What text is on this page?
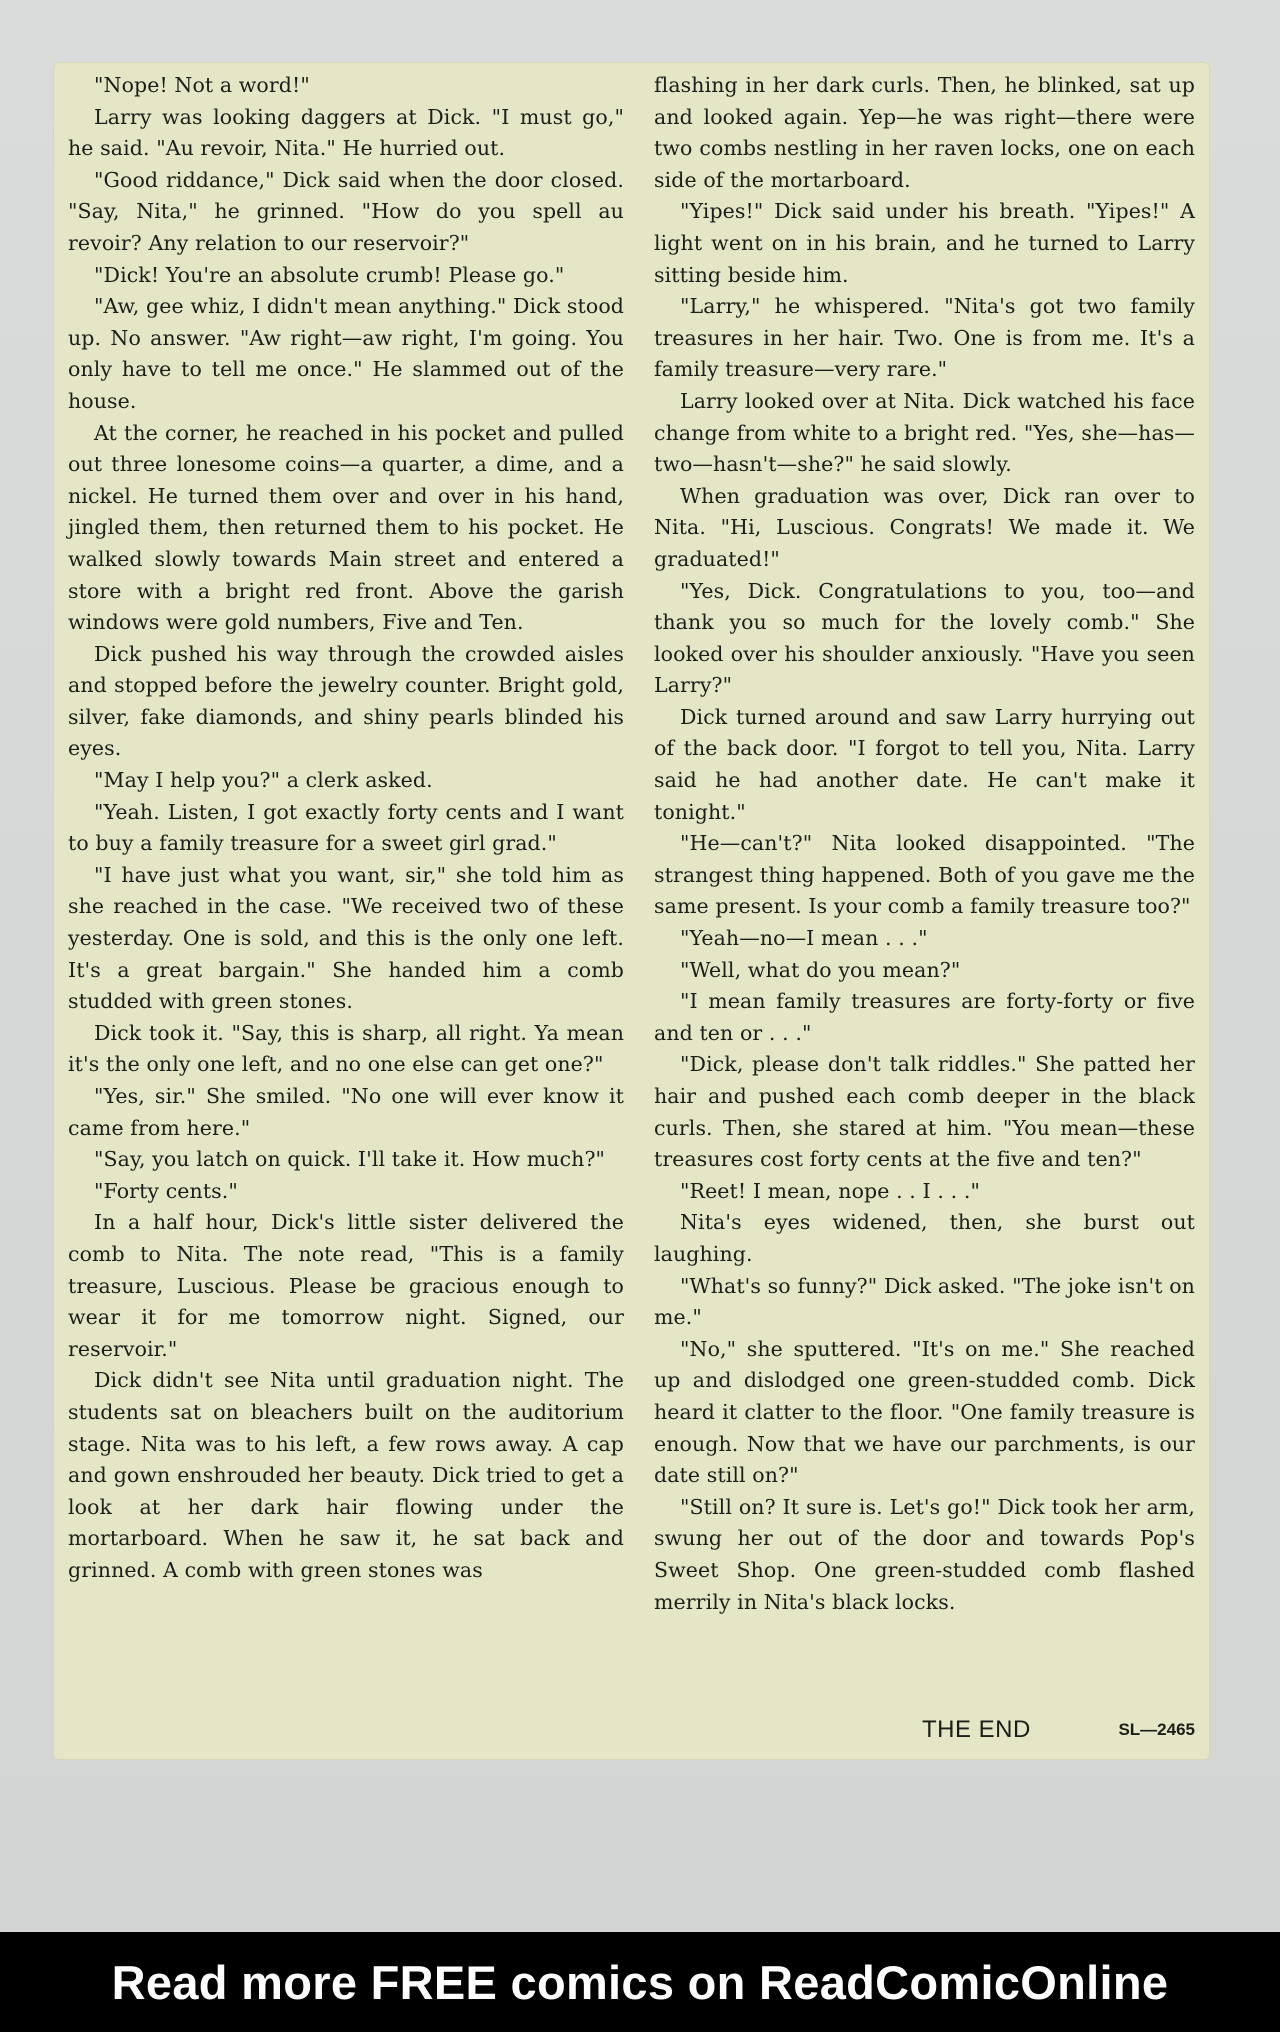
"Nope! Not a word!"

Larry was looking daggers at Dick. "I must go," he said. "Au revoir, Nita." He hurried out.

"Good riddance," Dick said when the door closed. "Say, Nita," he grinned. "How do you spell au revoir? Any relation to our reservoir?"

"Dick! You're an absolute crumb! Please go."

"Aw, gee whiz, I didn't mean anything." Dick stood up. No answer. "Aw right—aw right, I'm going. You only have to tell me once." He slammed out of the house.

At the corner, he reached in his pocket and pulled out three lonesome coins—a quarter, a dime, and a nickel. He turned them over and over in his hand, jingled them, then returned them to his pocket. He walked slowly towards Main street and entered a store with a bright red front. Above the garish windows were gold numbers, Five and Ten.

Dick pushed his way through the crowded aisles and stopped before the jewelry counter. Bright gold, silver, fake diamonds, and shiny pearls blinded his eyes.

"May I help you?" a clerk asked.

"Yeah. Listen, I got exactly forty cents and I want to buy a family treasure for a sweet girl grad."

"I have just what you want, sir," she told him as she reached in the case. "We received two of these yesterday. One is sold, and this is the only one left. It's a great bargain." She handed him a comb studded with green stones.

Dick took it. "Say, this is sharp, all right. Ya mean it's the only one left, and no one else can get one?"

"Yes, sir." She smiled. "No one will ever know it came from here."

"Say, you latch on quick. I'll take it. How much?"

"Forty cents."

In a half hour, Dick's little sister delivered the comb to Nita. The note read, "This is a family treasure, Luscious. Please be gracious enough to wear it for me tomorrow night. Signed, our reservoir."

Dick didn't see Nita until graduation night. The students sat on bleachers built on the auditorium stage. Nita was to his left, a few rows away. A cap and gown enshrouded her beauty. Dick tried to get a look at her dark hair flowing under the mortarboard. When he saw it, he sat back and grinned. A comb with green stones was

flashing in her dark curls. Then, he blinked, sat up and looked again. Yep—he was right—there were two combs nestling in her raven locks, one on each side of the mortarboard.

"Yipes!" Dick said under his breath. "Yipes!" A light went on in his brain, and he turned to Larry sitting beside him.

"Larry," he whispered. "Nita's got two family treasures in her hair. Two. One is from me. It's a family treasure—very rare."

Larry looked over at Nita. Dick watched his face change from white to a bright red. "Yes, she—has—two—hasn't—she?" he said slowly.

When graduation was over, Dick ran over to Nita. "Hi, Luscious. Congrats! We made it. We graduated!"

"Yes, Dick. Congratulations to you, too—and thank you so much for the lovely comb." She looked over his shoulder anxiously. "Have you seen Larry?"

Dick turned around and saw Larry hurrying out of the back door. "I forgot to tell you, Nita. Larry said he had another date. He can't make it tonight."

"He—can't?" Nita looked disappointed. "The strangest thing happened. Both of you gave me the same present. Is your comb a family treasure too?"

"Yeah—no—I mean . . ."

"Well, what do you mean?"

"I mean family treasures are forty-forty or five and ten or . . ."

"Dick, please don't talk riddles." She patted her hair and pushed each comb deeper in the black curls. Then, she stared at him. "You mean—these treasures cost forty cents at the five and ten?"

"Reet! I mean, nope . . I . . ."

Nita's eyes widened, then, she burst out laughing.

"What's so funny?" Dick asked. "The joke isn't on me."

"No," she sputtered. "It's on me." She reached up and dislodged one green-studded comb. Dick heard it clatter to the floor. "One family treasure is enough. Now that we have our parchments, is our date still on?"

"Still on? It sure is. Let's go!" Dick took her arm, swung her out of the door and towards Pop's Sweet Shop. One green-studded comb flashed merrily in Nita's black locks.

THE END	SL—2465
Read more FREE comics on ReadComicOnline
